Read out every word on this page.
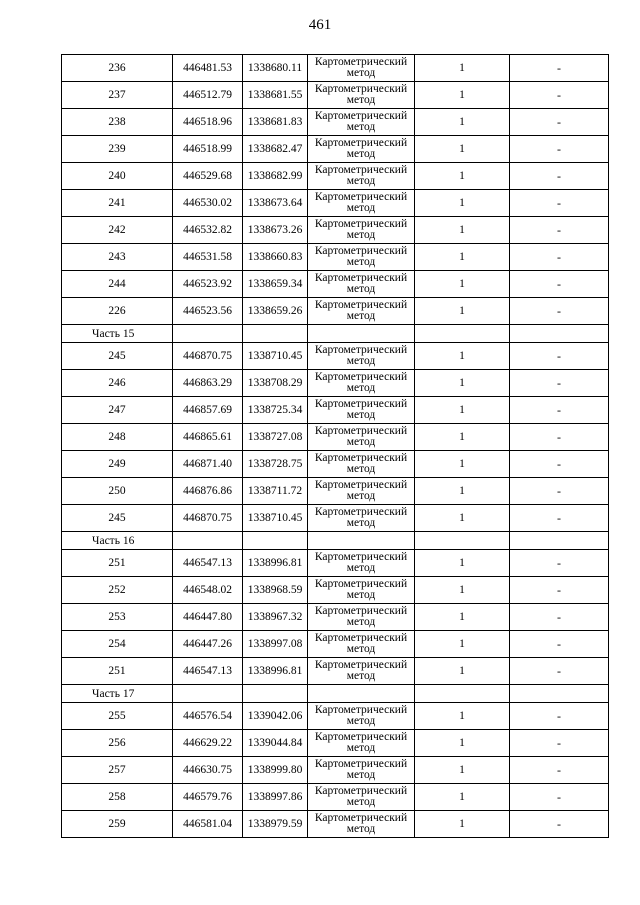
461
236	446481.53	1338680.11	Картометрический
метод	1	-
237	446512.79	1338681.55	Картометрический
метод	1	-
238	446518.96	1338681.83	Картометрический
метод	1	-
239	446518.99	1338682.47	Картометрический
метод	1	-
240	446529.68	1338682.99	Картометрический
метод	1	-
241	446530.02	1338673.64	Картометрический
метод	1	-
242	446532.82	1338673.26	Картометрический
метод	1	-
243	446531.58	1338660.83	Картометрический
метод	1	-
244	446523.92	1338659.34	Картометрический
метод	1	-
226	446523.56	1338659.26	Картометрический
метод	1	-
Часть 15					
245	446870.75	1338710.45	Картометрический
метод	1	-
246	446863.29	1338708.29	Картометрический
метод	1	-
247	446857.69	1338725.34	Картометрический
метод	1	-
248	446865.61	1338727.08	Картометрический
метод	1	-
249	446871.40	1338728.75	Картометрический
метод	1	-
250	446876.86	1338711.72	Картометрический
метод	1	-
245	446870.75	1338710.45	Картометрический
метод	1	-
Часть 16					
251	446547.13	1338996.81	Картометрический
метод	1	-
252	446548.02	1338968.59	Картометрический
метод	1	-
253	446447.80	1338967.32	Картометрический
метод	1	-
254	446447.26	1338997.08	Картометрический
метод	1	-
251	446547.13	1338996.81	Картометрический
метод	1	-
Часть 17					
255	446576.54	1339042.06	Картометрический
метод	1	-
256	446629.22	1339044.84	Картометрический
метод	1	-
257	446630.75	1338999.80	Картометрический
метод	1	-
258	446579.76	1338997.86	Картометрический
метод	1	-
259	446581.04	1338979.59	Картометрический
метод	1	-
